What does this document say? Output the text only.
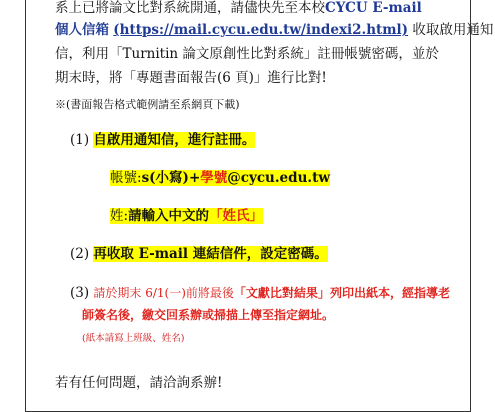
系上已將論文比對系統開通，請儘快先至本校CYCU E-mail
個人信箱 (https://mail.cycu.edu.tw/indexi2.html) 收取啟用通知
信，利用「Turnitin 論文原創性比對系統」註冊帳號密碼，並於
期末時，將「專題書面報告(6 頁)」進行比對!
※(書面報告格式範例請至系網頁下載)
(1) 自啟用通知信，進行註冊。
帳號:s(小寫)+學號@cycu.edu.tw
姓:請輸入中文的「姓氏」
(2) 再收取 E-mail 連結信件，設定密碼。
(3) 請於期末 6/1(一)前將最後「文獻比對結果」列印出紙本，經指導老
師簽名後，繳交回系辦或掃描上傳至指定網址。
(紙本請寫上班級、姓名)
若有任何問題，請洽詢系辦!
